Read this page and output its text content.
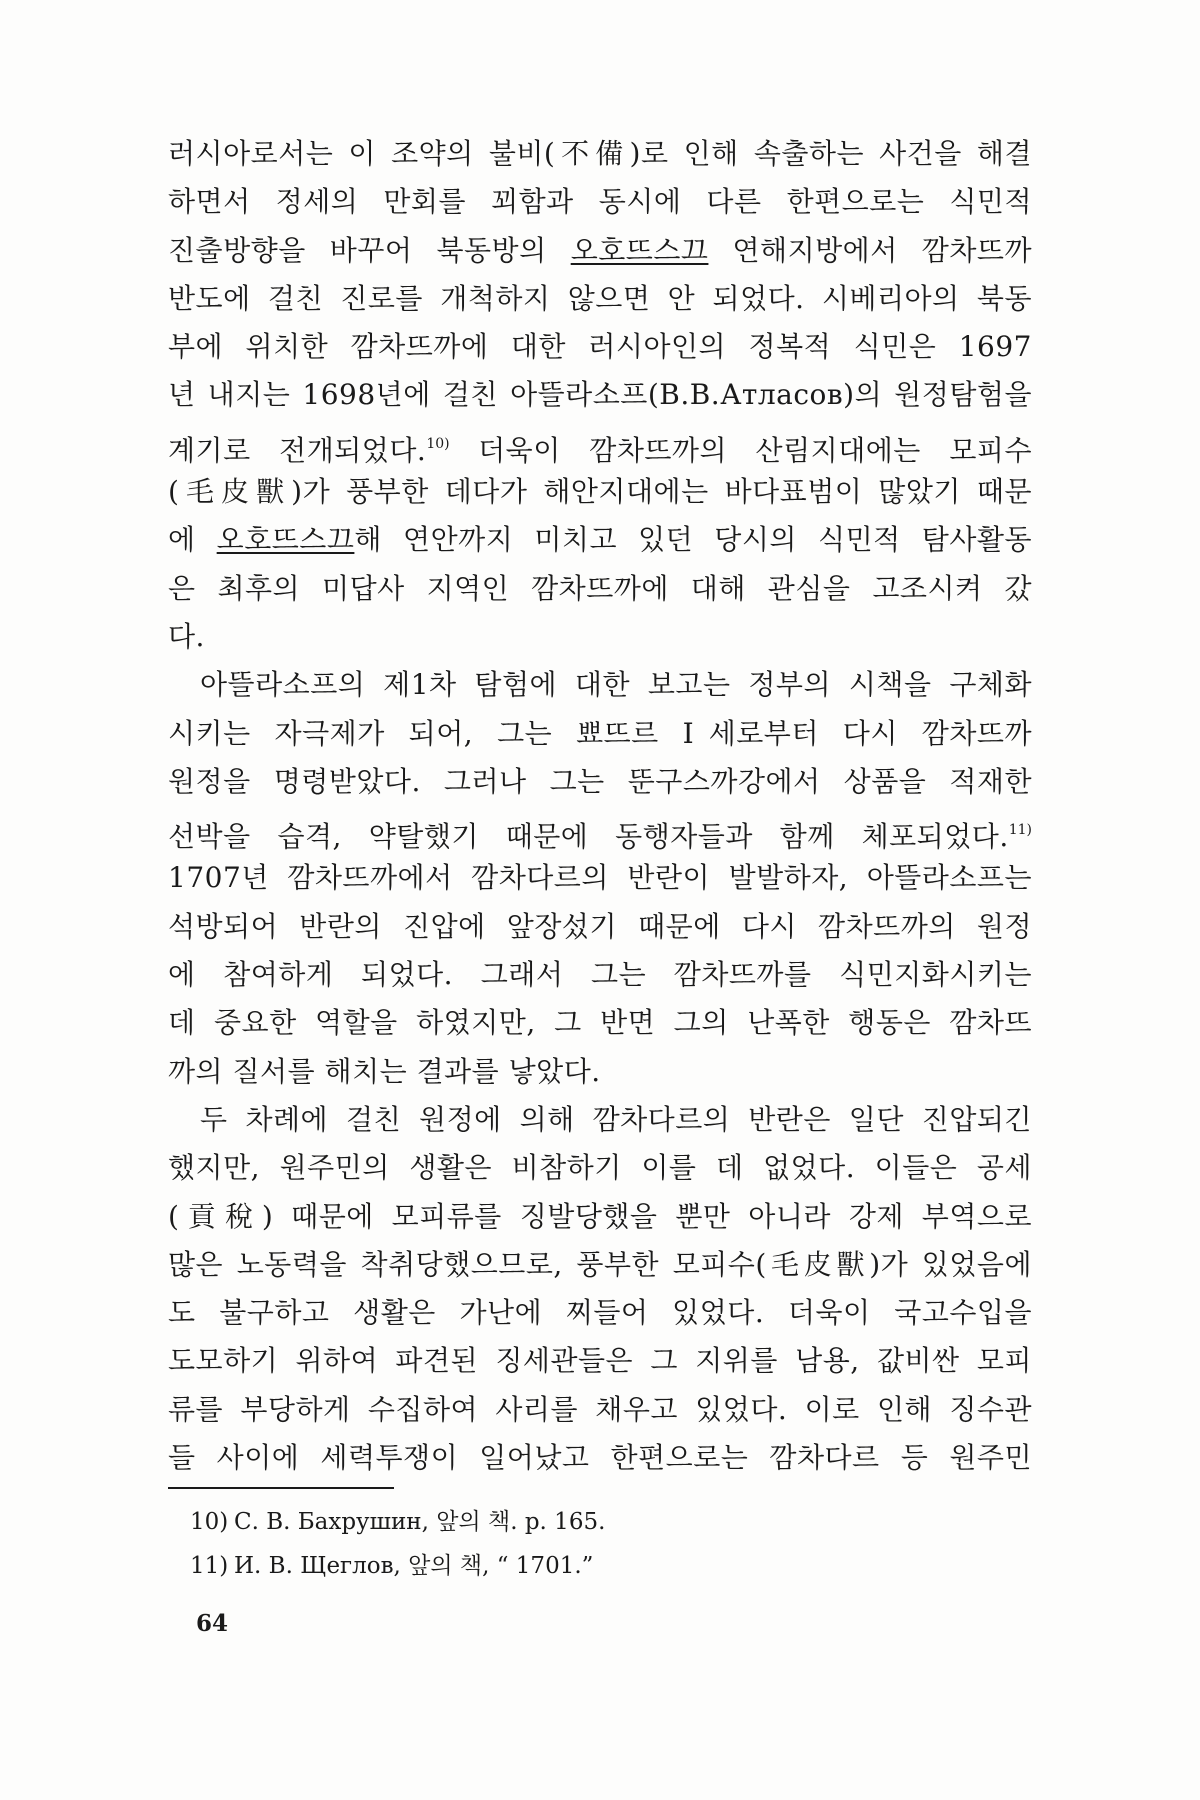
러시아로서는 이 조약의 불비(不備)로 인해 속출하는 사건을 해결
하면서 정세의 만회를 꾀함과 동시에 다른 한편으로는 식민적
진출방향을 바꾸어 북동방의 오호뜨스끄 연해지방에서 깜차뜨까
반도에 걸친 진로를 개척하지 않으면 안 되었다. 시베리아의 북동
부에 위치한 깜차뜨까에 대한 러시아인의 정복적 식민은 1697
년 내지는 1698년에 걸친 아뜰라소프(B.B.Атласов)의 원정탐험을
계기로 전개되었다.$^{10)}$ 더욱이 깜차뜨까의 산림지대에는 모피수
(毛皮獸)가 풍부한 데다가 해안지대에는 바다표범이 많았기 때문
에 오호뜨스끄해 연안까지 미치고 있던 당시의 식민적 탐사활동
은 최후의 미답사 지역인 깜차뜨까에 대해 관심을 고조시켜 갔
다.
아뜰라소프의 제1차 탐험에 대한 보고는 정부의 시책을 구체화
시키는 자극제가 되어, 그는 뾰뜨르 Ⅰ세로부터 다시 깜차뜨까
원정을 명령받았다. 그러나 그는 뚠구스까강에서 상품을 적재한
선박을 습격, 약탈했기 때문에 동행자들과 함께 체포되었다.$^{11)}$
1707년 깜차뜨까에서 깜차다르의 반란이 발발하자, 아뜰라소프는
석방되어 반란의 진압에 앞장섰기 때문에 다시 깜차뜨까의 원정
에 참여하게 되었다. 그래서 그는 깜차뜨까를 식민지화시키는
데 중요한 역할을 하였지만, 그 반면 그의 난폭한 행동은 깜차뜨
까의 질서를 해치는 결과를 낳았다.
두 차례에 걸친 원정에 의해 깜차다르의 반란은 일단 진압되긴
했지만, 원주민의 생활은 비참하기 이를 데 없었다. 이들은 공세
(貢稅) 때문에 모피류를 징발당했을 뿐만 아니라 강제 부역으로
많은 노동력을 착취당했으므로, 풍부한 모피수(毛皮獸)가 있었음에
도 불구하고 생활은 가난에 찌들어 있었다. 더욱이 국고수입을
도모하기 위하여 파견된 징세관들은 그 지위를 남용, 값비싼 모피
류를 부당하게 수집하여 사리를 채우고 있었다. 이로 인해 징수관
들 사이에 세력투쟁이 일어났고 한편으로는 깜차다르 등 원주민
10) С. В. Бахрушин, 앞의 책. p. 165.
11) И. В. Щеглов, 앞의 책, “ 1701.”
64
